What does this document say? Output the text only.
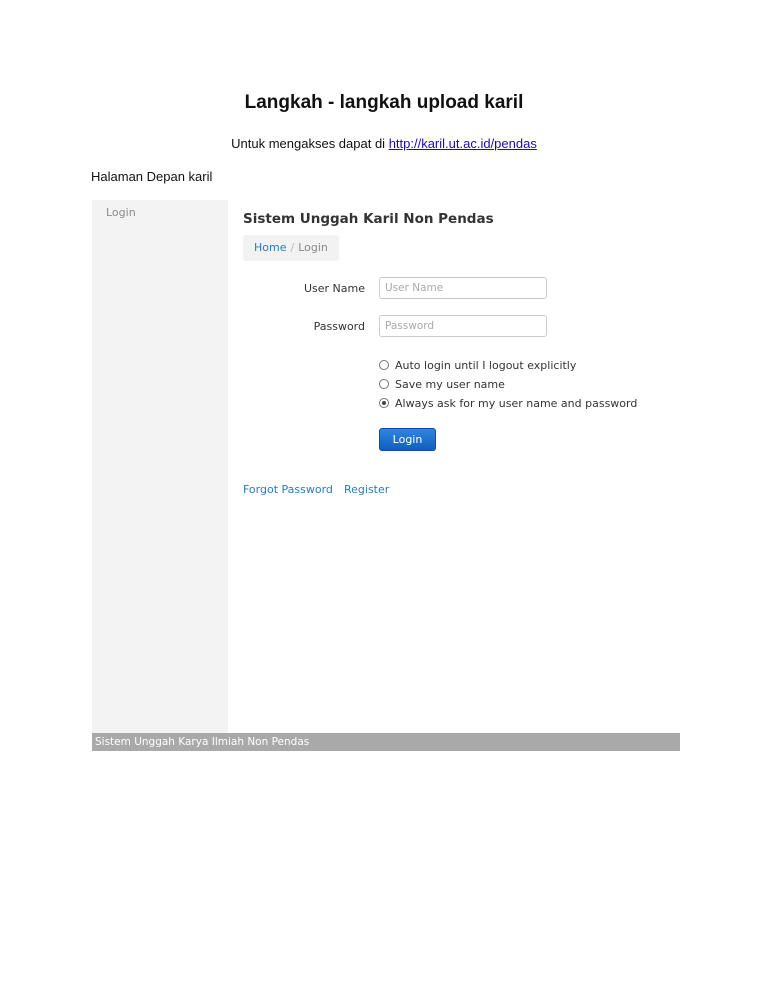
Langkah - langkah upload karil
Untuk mengakses dapat di http://karil.ut.ac.id/pendas
Halaman Depan karil
Login	Sistem Unggah Karil Non Pendas
Home / Login
User Name
User Name
Password
Auto login until I logout explicitly
Save my user name
Always ask for my user name and password
Login
Forgot Password Register
Sistem Unggah Karya Ilmiah Non Pendas
